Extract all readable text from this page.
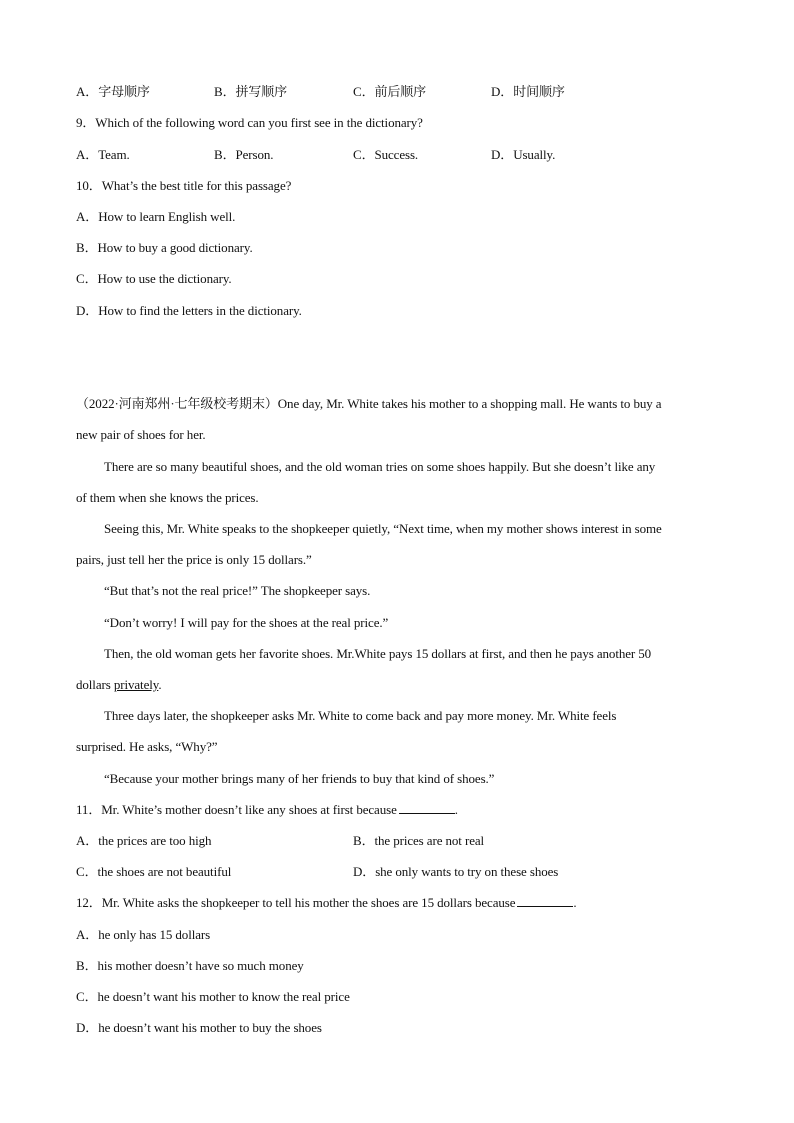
A．字母顺序	B．拼写顺序	C．前后顺序	D．时间顺序
9．Which of the following word can you first see in the dictionary?
A．Team.	B．Person.	C．Success.	D．Usually.
10．What’s the best title for this passage?
A．How to learn English well.
B．How to buy a good dictionary.
C．How to use the dictionary.
D．How to find the letters in the dictionary.
（2022·河南郑州·七年级校考期末）One day, Mr. White takes his mother to a shopping mall. He wants to buy a
new pair of shoes for her.
There are so many beautiful shoes, and the old woman tries on some shoes happily. But she doesn’t like any
of them when she knows the prices.
Seeing this, Mr. White speaks to the shopkeeper quietly, “Next time, when my mother shows interest in some
pairs, just tell her the price is only 15 dollars.”
“But that’s not the real price!” The shopkeeper says.
“Don’t worry! I will pay for the shoes at the real price.”
Then, the old woman gets her favorite shoes. Mr.White pays 15 dollars at first, and then he pays another 50
dollars privately.
Three days later, the shopkeeper asks Mr. White to come back and pay more money. Mr. White feels
surprised. He asks, “Why?”
“Because your mother brings many of her friends to buy that kind of shoes.”
11．Mr. White’s mother doesn’t like any shoes at first because	.
A．the prices are too high	B．the prices are not real
C．the shoes are not beautiful	D．she only wants to try on these shoes
12．Mr. White asks the shopkeeper to tell his mother the shoes are 15 dollars because	.
A．he only has 15 dollars
B．his mother doesn’t have so much money
C．he doesn’t want his mother to know the real price
D．he doesn’t want his mother to buy the shoes
